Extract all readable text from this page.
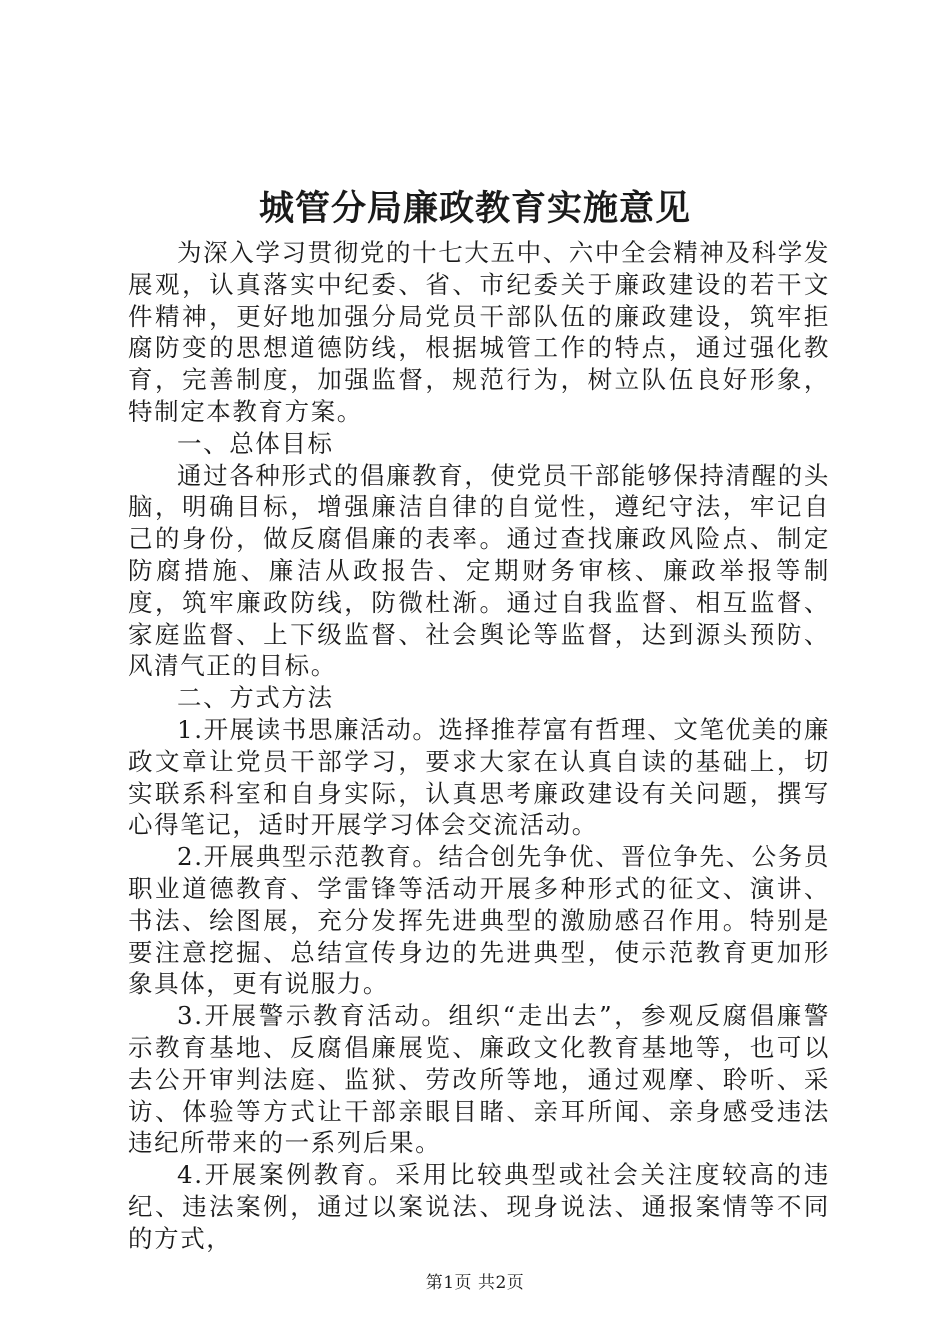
城管分局廉政教育实施意见

为深入学习贯彻党的十七大五中、六中全会精神及科学发展观，认真落实中纪委、省、市纪委关于廉政建设的若干文件精神，更好地加强分局党员干部队伍的廉政建设，筑牢拒腐防变的思想道德防线，根据城管工作的特点，通过强化教育，完善制度，加强监督，规范行为，树立队伍良好形象，特制定本教育方案。

一、总体目标

通过各种形式的倡廉教育，使党员干部能够保持清醒的头脑，明确目标，增强廉洁自律的自觉性，遵纪守法，牢记自己的身份，做反腐倡廉的表率。通过查找廉政风险点、制定防腐措施、廉洁从政报告、定期财务审核、廉政举报等制度，筑牢廉政防线，防微杜渐。通过自我监督、相互监督、家庭监督、上下级监督、社会舆论等监督，达到源头预防、风清气正的目标。

二、方式方法

1.开展读书思廉活动。选择推荐富有哲理、文笔优美的廉政文章让党员干部学习，要求大家在认真自读的基础上，切实联系科室和自身实际，认真思考廉政建设有关问题，撰写心得笔记，适时开展学习体会交流活动。

2.开展典型示范教育。结合创先争优、晋位争先、公务员职业道德教育、学雷锋等活动开展多种形式的征文、演讲、书法、绘图展，充分发挥先进典型的激励感召作用。特别是要注意挖掘、总结宣传身边的先进典型，使示范教育更加形象具体，更有说服力。

3.开展警示教育活动。组织“走出去”，参观反腐倡廉警示教育基地、反腐倡廉展览、廉政文化教育基地等，也可以去公开审判法庭、监狱、劳改所等地，通过观摩、聆听、采访、体验等方式让干部亲眼目睹、亲耳所闻、亲身感受违法违纪所带来的一系列后果。

4.开展案例教育。采用比较典型或社会关注度较高的违纪、违法案例，通过以案说法、现身说法、通报案情等不同的方式，

第1页 共2页
